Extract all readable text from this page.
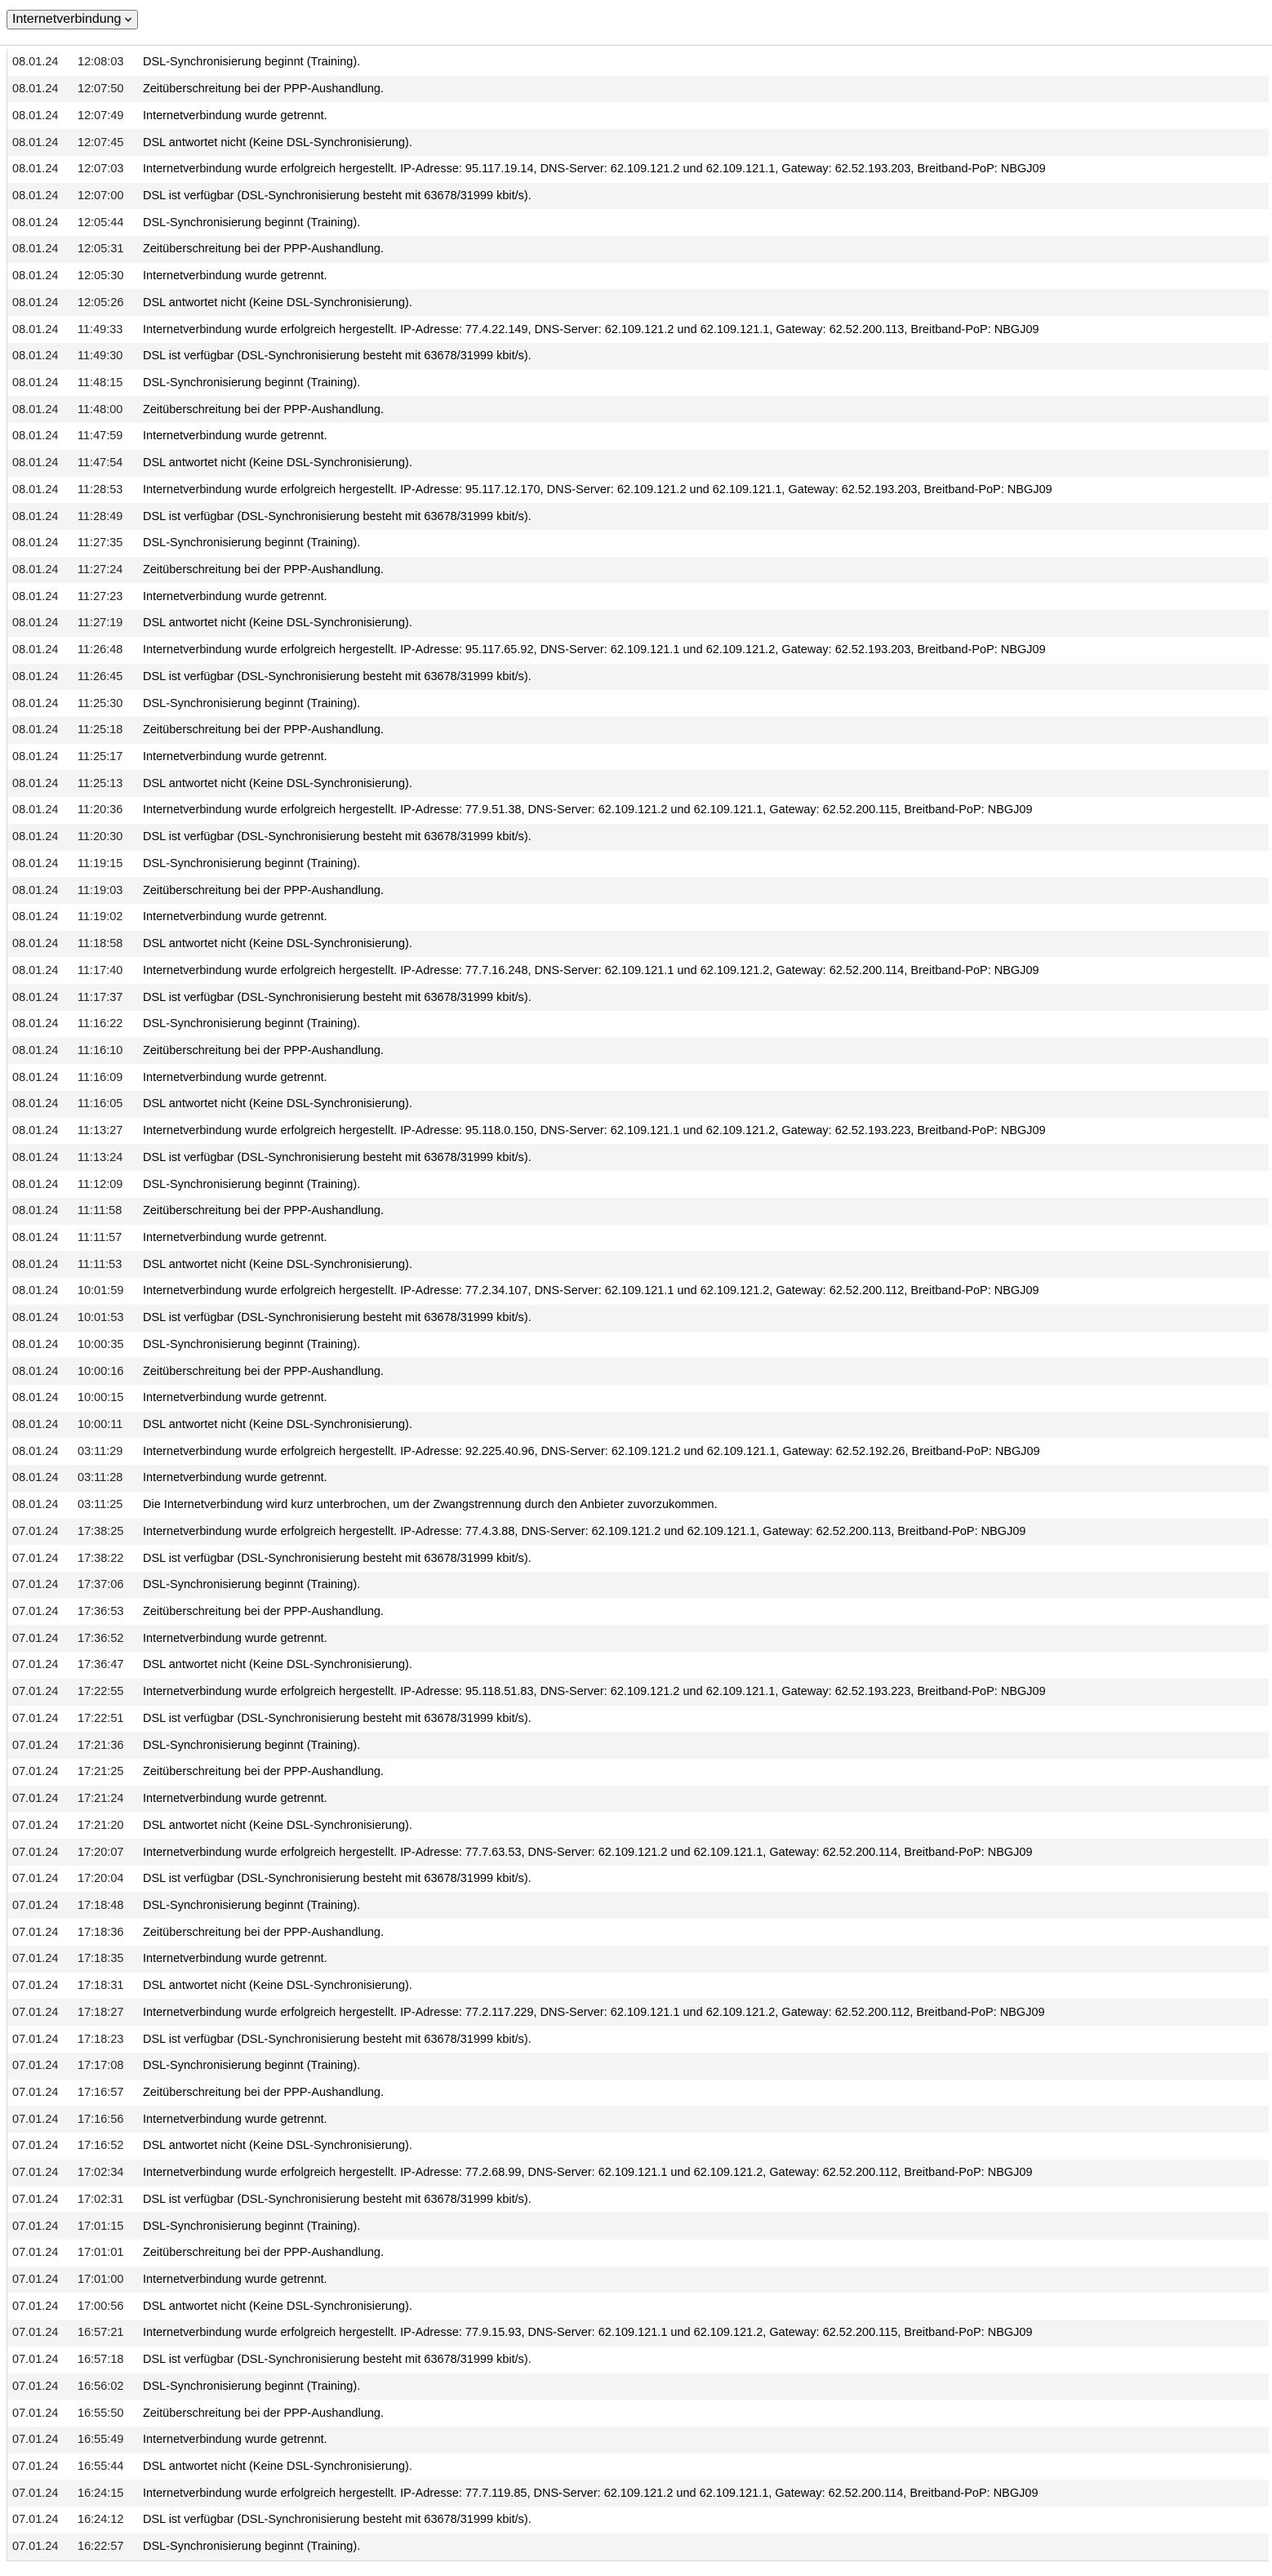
Internetverbindung
08.01.24	12:08:03	DSL-Synchronisierung beginnt (Training).
08.01.24	12:07:50	Zeitüberschreitung bei der PPP-Aushandlung.
08.01.24	12:07:49	Internetverbindung wurde getrennt.
08.01.24	12:07:45	DSL antwortet nicht (Keine DSL-Synchronisierung).
08.01.24	12:07:03	Internetverbindung wurde erfolgreich hergestellt. IP-Adresse: 95.117.19.14, DNS-Server: 62.109.121.2 und 62.109.121.1, Gateway: 62.52.193.203, Breitband-PoP: NBGJ09
08.01.24	12:07:00	DSL ist verfügbar (DSL-Synchronisierung besteht mit 63678/31999 kbit/s).
08.01.24	12:05:44	DSL-Synchronisierung beginnt (Training).
08.01.24	12:05:31	Zeitüberschreitung bei der PPP-Aushandlung.
08.01.24	12:05:30	Internetverbindung wurde getrennt.
08.01.24	12:05:26	DSL antwortet nicht (Keine DSL-Synchronisierung).
08.01.24	11:49:33	Internetverbindung wurde erfolgreich hergestellt. IP-Adresse: 77.4.22.149, DNS-Server: 62.109.121.2 und 62.109.121.1, Gateway: 62.52.200.113, Breitband-PoP: NBGJ09
08.01.24	11:49:30	DSL ist verfügbar (DSL-Synchronisierung besteht mit 63678/31999 kbit/s).
08.01.24	11:48:15	DSL-Synchronisierung beginnt (Training).
08.01.24	11:48:00	Zeitüberschreitung bei der PPP-Aushandlung.
08.01.24	11:47:59	Internetverbindung wurde getrennt.
08.01.24	11:47:54	DSL antwortet nicht (Keine DSL-Synchronisierung).
08.01.24	11:28:53	Internetverbindung wurde erfolgreich hergestellt. IP-Adresse: 95.117.12.170, DNS-Server: 62.109.121.2 und 62.109.121.1, Gateway: 62.52.193.203, Breitband-PoP: NBGJ09
08.01.24	11:28:49	DSL ist verfügbar (DSL-Synchronisierung besteht mit 63678/31999 kbit/s).
08.01.24	11:27:35	DSL-Synchronisierung beginnt (Training).
08.01.24	11:27:24	Zeitüberschreitung bei der PPP-Aushandlung.
08.01.24	11:27:23	Internetverbindung wurde getrennt.
08.01.24	11:27:19	DSL antwortet nicht (Keine DSL-Synchronisierung).
08.01.24	11:26:48	Internetverbindung wurde erfolgreich hergestellt. IP-Adresse: 95.117.65.92, DNS-Server: 62.109.121.1 und 62.109.121.2, Gateway: 62.52.193.203, Breitband-PoP: NBGJ09
08.01.24	11:26:45	DSL ist verfügbar (DSL-Synchronisierung besteht mit 63678/31999 kbit/s).
08.01.24	11:25:30	DSL-Synchronisierung beginnt (Training).
08.01.24	11:25:18	Zeitüberschreitung bei der PPP-Aushandlung.
08.01.24	11:25:17	Internetverbindung wurde getrennt.
08.01.24	11:25:13	DSL antwortet nicht (Keine DSL-Synchronisierung).
08.01.24	11:20:36	Internetverbindung wurde erfolgreich hergestellt. IP-Adresse: 77.9.51.38, DNS-Server: 62.109.121.2 und 62.109.121.1, Gateway: 62.52.200.115, Breitband-PoP: NBGJ09
08.01.24	11:20:30	DSL ist verfügbar (DSL-Synchronisierung besteht mit 63678/31999 kbit/s).
08.01.24	11:19:15	DSL-Synchronisierung beginnt (Training).
08.01.24	11:19:03	Zeitüberschreitung bei der PPP-Aushandlung.
08.01.24	11:19:02	Internetverbindung wurde getrennt.
08.01.24	11:18:58	DSL antwortet nicht (Keine DSL-Synchronisierung).
08.01.24	11:17:40	Internetverbindung wurde erfolgreich hergestellt. IP-Adresse: 77.7.16.248, DNS-Server: 62.109.121.1 und 62.109.121.2, Gateway: 62.52.200.114, Breitband-PoP: NBGJ09
08.01.24	11:17:37	DSL ist verfügbar (DSL-Synchronisierung besteht mit 63678/31999 kbit/s).
08.01.24	11:16:22	DSL-Synchronisierung beginnt (Training).
08.01.24	11:16:10	Zeitüberschreitung bei der PPP-Aushandlung.
08.01.24	11:16:09	Internetverbindung wurde getrennt.
08.01.24	11:16:05	DSL antwortet nicht (Keine DSL-Synchronisierung).
08.01.24	11:13:27	Internetverbindung wurde erfolgreich hergestellt. IP-Adresse: 95.118.0.150, DNS-Server: 62.109.121.1 und 62.109.121.2, Gateway: 62.52.193.223, Breitband-PoP: NBGJ09
08.01.24	11:13:24	DSL ist verfügbar (DSL-Synchronisierung besteht mit 63678/31999 kbit/s).
08.01.24	11:12:09	DSL-Synchronisierung beginnt (Training).
08.01.24	11:11:58	Zeitüberschreitung bei der PPP-Aushandlung.
08.01.24	11:11:57	Internetverbindung wurde getrennt.
08.01.24	11:11:53	DSL antwortet nicht (Keine DSL-Synchronisierung).
08.01.24	10:01:59	Internetverbindung wurde erfolgreich hergestellt. IP-Adresse: 77.2.34.107, DNS-Server: 62.109.121.1 und 62.109.121.2, Gateway: 62.52.200.112, Breitband-PoP: NBGJ09
08.01.24	10:01:53	DSL ist verfügbar (DSL-Synchronisierung besteht mit 63678/31999 kbit/s).
08.01.24	10:00:35	DSL-Synchronisierung beginnt (Training).
08.01.24	10:00:16	Zeitüberschreitung bei der PPP-Aushandlung.
08.01.24	10:00:15	Internetverbindung wurde getrennt.
08.01.24	10:00:11	DSL antwortet nicht (Keine DSL-Synchronisierung).
08.01.24	03:11:29	Internetverbindung wurde erfolgreich hergestellt. IP-Adresse: 92.225.40.96, DNS-Server: 62.109.121.2 und 62.109.121.1, Gateway: 62.52.192.26, Breitband-PoP: NBGJ09
08.01.24	03:11:28	Internetverbindung wurde getrennt.
08.01.24	03:11:25	Die Internetverbindung wird kurz unterbrochen, um der Zwangstrennung durch den Anbieter zuvorzukommen.
07.01.24	17:38:25	Internetverbindung wurde erfolgreich hergestellt. IP-Adresse: 77.4.3.88, DNS-Server: 62.109.121.2 und 62.109.121.1, Gateway: 62.52.200.113, Breitband-PoP: NBGJ09
07.01.24	17:38:22	DSL ist verfügbar (DSL-Synchronisierung besteht mit 63678/31999 kbit/s).
07.01.24	17:37:06	DSL-Synchronisierung beginnt (Training).
07.01.24	17:36:53	Zeitüberschreitung bei der PPP-Aushandlung.
07.01.24	17:36:52	Internetverbindung wurde getrennt.
07.01.24	17:36:47	DSL antwortet nicht (Keine DSL-Synchronisierung).
07.01.24	17:22:55	Internetverbindung wurde erfolgreich hergestellt. IP-Adresse: 95.118.51.83, DNS-Server: 62.109.121.2 und 62.109.121.1, Gateway: 62.52.193.223, Breitband-PoP: NBGJ09
07.01.24	17:22:51	DSL ist verfügbar (DSL-Synchronisierung besteht mit 63678/31999 kbit/s).
07.01.24	17:21:36	DSL-Synchronisierung beginnt (Training).
07.01.24	17:21:25	Zeitüberschreitung bei der PPP-Aushandlung.
07.01.24	17:21:24	Internetverbindung wurde getrennt.
07.01.24	17:21:20	DSL antwortet nicht (Keine DSL-Synchronisierung).
07.01.24	17:20:07	Internetverbindung wurde erfolgreich hergestellt. IP-Adresse: 77.7.63.53, DNS-Server: 62.109.121.2 und 62.109.121.1, Gateway: 62.52.200.114, Breitband-PoP: NBGJ09
07.01.24	17:20:04	DSL ist verfügbar (DSL-Synchronisierung besteht mit 63678/31999 kbit/s).
07.01.24	17:18:48	DSL-Synchronisierung beginnt (Training).
07.01.24	17:18:36	Zeitüberschreitung bei der PPP-Aushandlung.
07.01.24	17:18:35	Internetverbindung wurde getrennt.
07.01.24	17:18:31	DSL antwortet nicht (Keine DSL-Synchronisierung).
07.01.24	17:18:27	Internetverbindung wurde erfolgreich hergestellt. IP-Adresse: 77.2.117.229, DNS-Server: 62.109.121.1 und 62.109.121.2, Gateway: 62.52.200.112, Breitband-PoP: NBGJ09
07.01.24	17:18:23	DSL ist verfügbar (DSL-Synchronisierung besteht mit 63678/31999 kbit/s).
07.01.24	17:17:08	DSL-Synchronisierung beginnt (Training).
07.01.24	17:16:57	Zeitüberschreitung bei der PPP-Aushandlung.
07.01.24	17:16:56	Internetverbindung wurde getrennt.
07.01.24	17:16:52	DSL antwortet nicht (Keine DSL-Synchronisierung).
07.01.24	17:02:34	Internetverbindung wurde erfolgreich hergestellt. IP-Adresse: 77.2.68.99, DNS-Server: 62.109.121.1 und 62.109.121.2, Gateway: 62.52.200.112, Breitband-PoP: NBGJ09
07.01.24	17:02:31	DSL ist verfügbar (DSL-Synchronisierung besteht mit 63678/31999 kbit/s).
07.01.24	17:01:15	DSL-Synchronisierung beginnt (Training).
07.01.24	17:01:01	Zeitüberschreitung bei der PPP-Aushandlung.
07.01.24	17:01:00	Internetverbindung wurde getrennt.
07.01.24	17:00:56	DSL antwortet nicht (Keine DSL-Synchronisierung).
07.01.24	16:57:21	Internetverbindung wurde erfolgreich hergestellt. IP-Adresse: 77.9.15.93, DNS-Server: 62.109.121.1 und 62.109.121.2, Gateway: 62.52.200.115, Breitband-PoP: NBGJ09
07.01.24	16:57:18	DSL ist verfügbar (DSL-Synchronisierung besteht mit 63678/31999 kbit/s).
07.01.24	16:56:02	DSL-Synchronisierung beginnt (Training).
07.01.24	16:55:50	Zeitüberschreitung bei der PPP-Aushandlung.
07.01.24	16:55:49	Internetverbindung wurde getrennt.
07.01.24	16:55:44	DSL antwortet nicht (Keine DSL-Synchronisierung).
07.01.24	16:24:15	Internetverbindung wurde erfolgreich hergestellt. IP-Adresse: 77.7.119.85, DNS-Server: 62.109.121.2 und 62.109.121.1, Gateway: 62.52.200.114, Breitband-PoP: NBGJ09
07.01.24	16:24:12	DSL ist verfügbar (DSL-Synchronisierung besteht mit 63678/31999 kbit/s).
07.01.24	16:22:57	DSL-Synchronisierung beginnt (Training).
